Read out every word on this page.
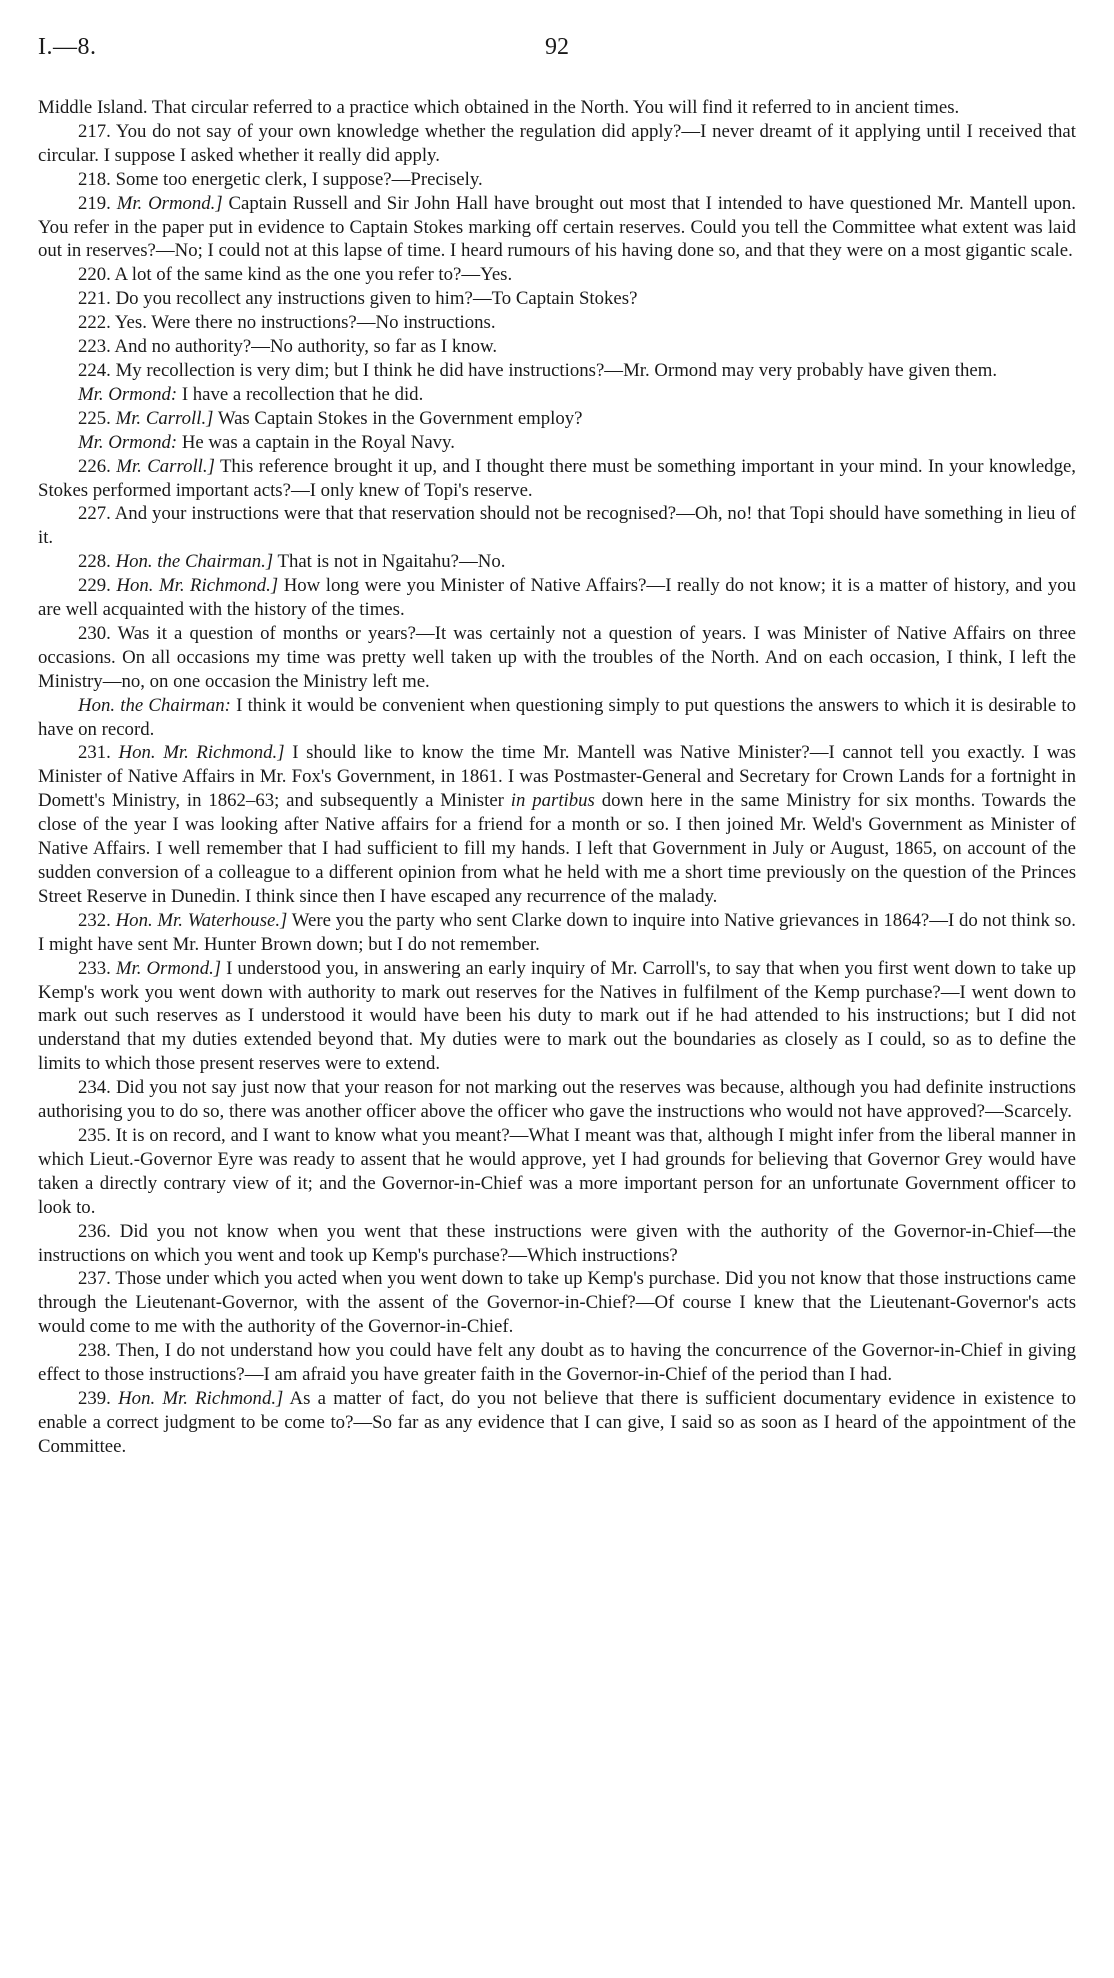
I.—8.	92

Middle Island. That circular referred to a practice which obtained in the North. You will find it referred to in ancient times.

217. You do not say of your own knowledge whether the regulation did apply?—I never dreamt of it applying until I received that circular. I suppose I asked whether it really did apply.

218. Some too energetic clerk, I suppose?—Precisely.

219. Mr. Ormond.] Captain Russell and Sir John Hall have brought out most that I intended to have questioned Mr. Mantell upon. You refer in the paper put in evidence to Captain Stokes marking off certain reserves. Could you tell the Committee what extent was laid out in reserves?—No; I could not at this lapse of time. I heard rumours of his having done so, and that they were on a most gigantic scale.

220. A lot of the same kind as the one you refer to?—Yes.

221. Do you recollect any instructions given to him?—To Captain Stokes?

222. Yes. Were there no instructions?—No instructions.

223. And no authority?—No authority, so far as I know.

224. My recollection is very dim; but I think he did have instructions?—Mr. Ormond may very probably have given them.

Mr. Ormond: I have a recollection that he did.

225. Mr. Carroll.] Was Captain Stokes in the Government employ?

Mr. Ormond: He was a captain in the Royal Navy.

226. Mr. Carroll.] This reference brought it up, and I thought there must be something important in your mind. In your knowledge, Stokes performed important acts?—I only knew of Topi's reserve.

227. And your instructions were that that reservation should not be recognised?—Oh, no! that Topi should have something in lieu of it.

228. Hon. the Chairman.] That is not in Ngaitahu?—No.

229. Hon. Mr. Richmond.] How long were you Minister of Native Affairs?—I really do not know; it is a matter of history, and you are well acquainted with the history of the times.

230. Was it a question of months or years?—It was certainly not a question of years. I was Minister of Native Affairs on three occasions. On all occasions my time was pretty well taken up with the troubles of the North. And on each occasion, I think, I left the Ministry—no, on one occasion the Ministry left me.

Hon. the Chairman: I think it would be convenient when questioning simply to put questions the answers to which it is desirable to have on record.

231. Hon. Mr. Richmond.] I should like to know the time Mr. Mantell was Native Minister?—I cannot tell you exactly. I was Minister of Native Affairs in Mr. Fox's Government, in 1861. I was Postmaster-General and Secretary for Crown Lands for a fortnight in Domett's Ministry, in 1862–63; and subsequently a Minister in partibus down here in the same Ministry for six months. Towards the close of the year I was looking after Native affairs for a friend for a month or so. I then joined Mr. Weld's Government as Minister of Native Affairs. I well remember that I had sufficient to fill my hands. I left that Government in July or August, 1865, on account of the sudden conversion of a colleague to a different opinion from what he held with me a short time previously on the question of the Princes Street Reserve in Dunedin. I think since then I have escaped any recurrence of the malady.

232. Hon. Mr. Waterhouse.] Were you the party who sent Clarke down to inquire into Native grievances in 1864?—I do not think so. I might have sent Mr. Hunter Brown down; but I do not remember.

233. Mr. Ormond.] I understood you, in answering an early inquiry of Mr. Carroll's, to say that when you first went down to take up Kemp's work you went down with authority to mark out reserves for the Natives in fulfilment of the Kemp purchase?—I went down to mark out such reserves as I understood it would have been his duty to mark out if he had attended to his instructions; but I did not understand that my duties extended beyond that. My duties were to mark out the boundaries as closely as I could, so as to define the limits to which those present reserves were to extend.

234. Did you not say just now that your reason for not marking out the reserves was because, although you had definite instructions authorising you to do so, there was another officer above the officer who gave the instructions who would not have approved?—Scarcely.

235. It is on record, and I want to know what you meant?—What I meant was that, although I might infer from the liberal manner in which Lieut.-Governor Eyre was ready to assent that he would approve, yet I had grounds for believing that Governor Grey would have taken a directly contrary view of it; and the Governor-in-Chief was a more important person for an unfortunate Government officer to look to.

236. Did you not know when you went that these instructions were given with the authority of the Governor-in-Chief—the instructions on which you went and took up Kemp's purchase?—Which instructions?

237. Those under which you acted when you went down to take up Kemp's purchase. Did you not know that those instructions came through the Lieutenant-Governor, with the assent of the Governor-in-Chief?—Of course I knew that the Lieutenant-Governor's acts would come to me with the authority of the Governor-in-Chief.

238. Then, I do not understand how you could have felt any doubt as to having the concurrence of the Governor-in-Chief in giving effect to those instructions?—I am afraid you have greater faith in the Governor-in-Chief of the period than I had.

239. Hon. Mr. Richmond.] As a matter of fact, do you not believe that there is sufficient documentary evidence in existence to enable a correct judgment to be come to?—So far as any evidence that I can give, I said so as soon as I heard of the appointment of the Committee.
